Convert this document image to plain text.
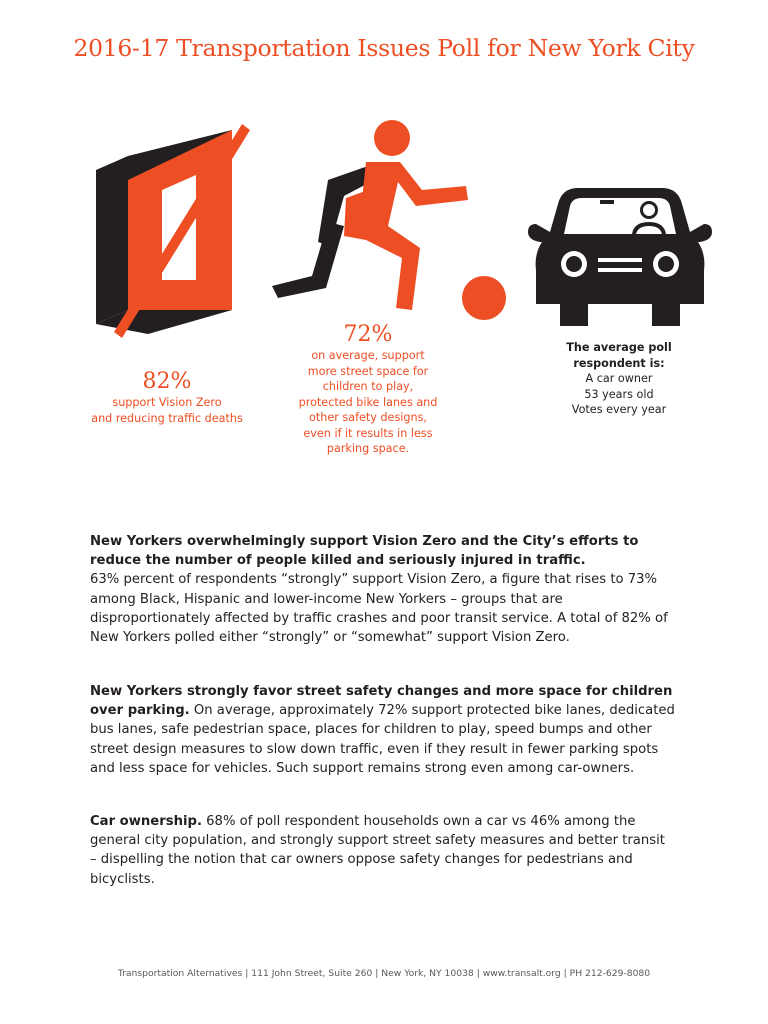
2016-17 Transportation Issues Poll for New York City
82%
support Vision Zero
and reducing traffic deaths
72%
on average, support
more street space for
children to play,
protected bike lanes and
other safety designs,
even if it results in less
parking space.
The average poll
respondent is:
A car owner
53 years old
Votes every year

New Yorkers overwhelmingly support Vision Zero and the City’s efforts to reduce the number of people killed and seriously injured in traffic.
63% percent of respondents “strongly” support Vision Zero, a figure that rises to 73% among Black, Hispanic and lower-income New Yorkers – groups that are disproportionately affected by traffic crashes and poor transit service. A total of 82% of New Yorkers polled either “strongly” or “somewhat” support Vision Zero.

New Yorkers strongly favor street safety changes and more space for children over parking. On average, approximately 72% support protected bike lanes, dedicated bus lanes, safe pedestrian space, places for children to play, speed bumps and other street design measures to slow down traffic, even if they result in fewer parking spots and less space for vehicles. Such support remains strong even among car-owners.

Car ownership. 68% of poll respondent households own a car vs 46% among the general city population, and strongly support street safety measures and better transit – dispelling the notion that car owners oppose safety changes for pedestrians and bicyclists.

Transportation Alternatives | 111 John Street, Suite 260 | New York, NY 10038 | www.transalt.org | PH 212-629-8080
